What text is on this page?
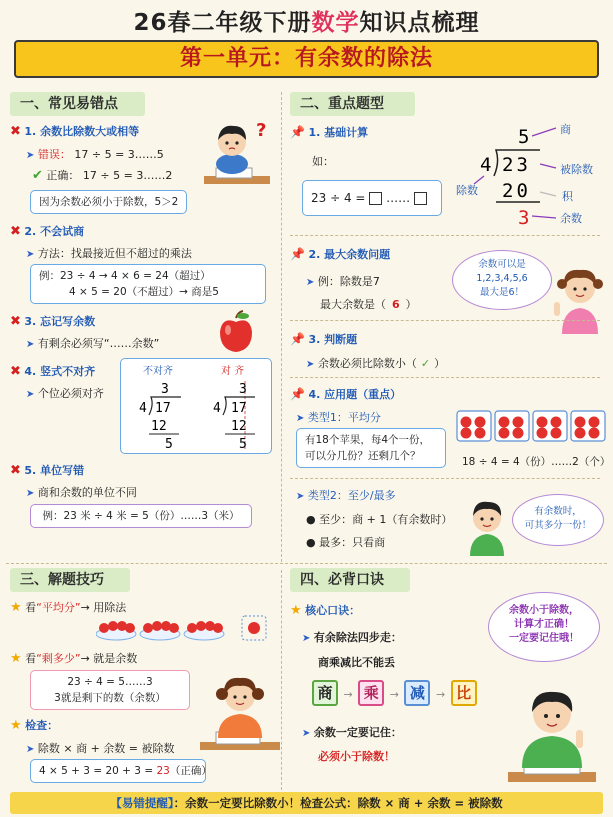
26春二年级下册数学知识点梳理
第一单元：有余数的除法
一、常见易错点
✖ 1. 余数比除数大或相等
➤ 错误： 17 ÷ 5 = 3……5
✔ 正确： 17 ÷ 5 = 3……2
因为余数必须小于除数，5＞2
?
✖ 2. 不会试商
➤ 方法：找最接近但不超过的乘法
例：23 ÷ 4 → 4 × 6 = 24（超过）
4 × 5 = 20（不超过）→ 商是5
✖ 3. 忘记写余数
➤ 有剩余必须写“……余数”
✖ 4. 竖式不对齐
➤ 个位必须对齐
不对齐	对 齐
3
4 17
12
5
3
4 17
12
5
✖ 5. 单位写错
➤ 商和余数的单位不同
例：23 米 ÷ 4 米 = 5（份）……3（米）
二、重点题型
📌 1. 基础计算
如：
23 ÷ 4 =  ……
5
4 23
20
3
商
被除数
除数	积
余数
📌 2. 最大余数问题
➤ 例：除数是7
最大余数是（ 6 ）
余数可以是
1,2,3,4,5,6
最大是6！
📌 3. 判断题
➤ 余数必须比除数小（ ✓ ）
📌 4. 应用题（重点）
➤ 类型1：平均分
有18个苹果，每4个一份，
可以分几份？还剩几个？	18 ÷ 4 = 4（份）……2（个）
➤ 类型2：至少/最多
● 至少：商 + 1（有余数时）
● 最多：只看商
有余数时，
可其多分一份！
三、解题技巧
★ 看“平均分”→ 用除法
★ 看“剩多少”→ 就是余数
23 ÷ 4 = 5……3
3就是剩下的数（余数）
★ 检查：
➤ 除数 × 商 + 余数 = 被除数
4 × 5 + 3 = 20 + 3 = 23（正确）
四、必背口诀
★ 核心口诀：
➤ 有余除法四步走：
商乘减比不能丢
商 → 乘 → 减 → 比
➤ 余数一定要记住：
必须小于除数！
余数小于除数，
计算才正确！
一定要记住哦！
【易错提醒】：余数一定要比除数小！检查公式：除数 × 商 + 余数 = 被除数
